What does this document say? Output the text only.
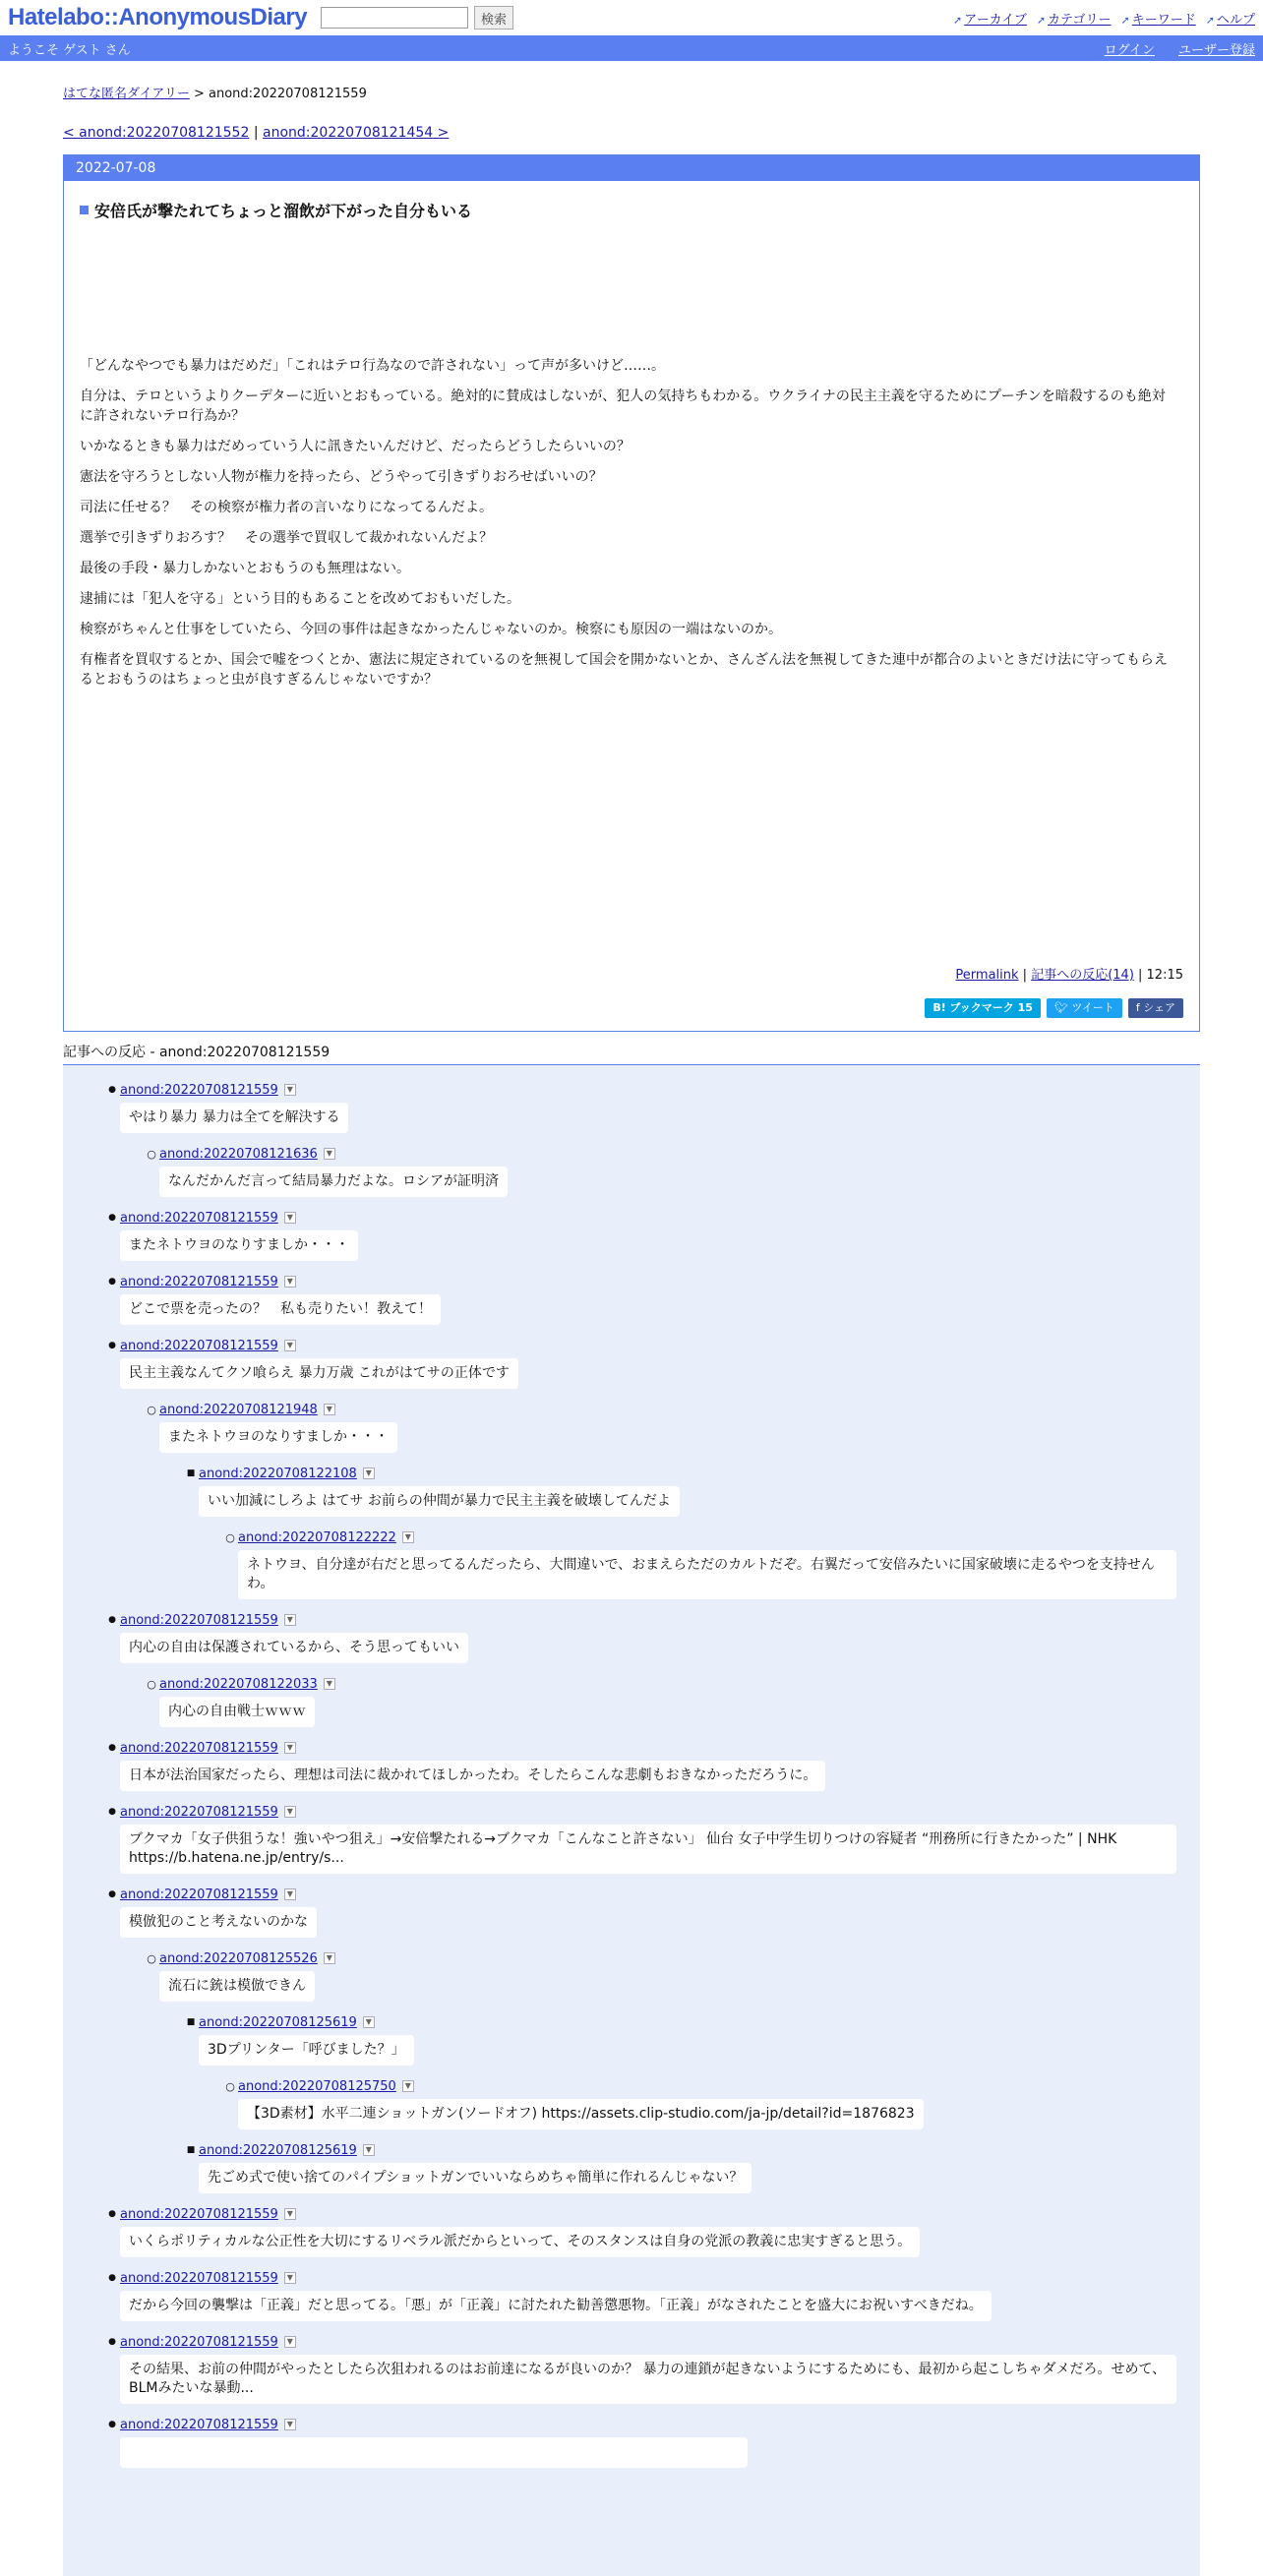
Hatelabo::AnonymousDiary	検索	➚ アーカイブ ➚ カテゴリー ➚ キーワード ➚ ヘルプ
ようこそ ゲスト さん	ログイン ユーザー登録
はてな匿名ダイアリー > anond:20220708121559
< anond:20220708121552 | anond:20220708121454 >
2022-07-08
安倍氏が撃たれてちょっと溜飲が下がった自分もいる

「どんなやつでも暴力はだめだ」「これはテロ行為なので許されない」って声が多いけど……。

自分は、テロというよりクーデターに近いとおもっている。絶対的に賛成はしないが、犯人の気持ちもわかる。ウクライナの民主主義を守るためにプーチンを暗殺するのも絶対に許されないテロ行為か？

いかなるときも暴力はだめっていう人に訊きたいんだけど、だったらどうしたらいいの？

憲法を守ろうとしない人物が権力を持ったら、どうやって引きずりおろせばいいの？

司法に任せる？　その検察が権力者の言いなりになってるんだよ。

選挙で引きずりおろす？　その選挙で買収して裁かれないんだよ？

最後の手段・暴力しかないとおもうのも無理はない。

逮捕には「犯人を守る」という目的もあることを改めておもいだした。

検察がちゃんと仕事をしていたら、今回の事件は起きなかったんじゃないのか。検察にも原因の一端はないのか。

有権者を買収するとか、国会で嘘をつくとか、憲法に規定されているのを無視して国会を開かないとか、さんざん法を無視してきた連中が都合のよいときだけ法に守ってもらえるとおもうのはちょっと虫が良すぎるんじゃないですか？

Permalink | 記事への反応(14) | 12:15
B! ブックマーク 15	🐦︎ ツイート	f シェア
記事への反応 - anond:20220708121559
● anond:20220708121559	▼
やはり暴力 暴力は全てを解決する
○ anond:20220708121636	▼
なんだかんだ言って結局暴力だよな。ロシアが証明済
● anond:20220708121559	▼
またネトウヨのなりすましか・・・
● anond:20220708121559	▼
どこで票を売ったの？　私も売りたい！教えて！
● anond:20220708121559	▼
民主主義なんてクソ喰らえ 暴力万歳 これがはてサの正体です
○ anond:20220708121948	▼
またネトウヨのなりすましか・・・
■ anond:20220708122108	▼
いい加減にしろよ はてサ お前らの仲間が暴力で民主主義を破壊してんだよ
○ anond:20220708122222	▼
ネトウヨ、自分達が右だと思ってるんだったら、大間違いで、おまえらただのカルトだぞ。右翼だって安倍みたいに国家破壊に走るやつを支持せんわ。
● anond:20220708121559	▼
内心の自由は保護されているから、そう思ってもいい
○ anond:20220708122033	▼
内心の自由戦士ｗｗｗ
● anond:20220708121559	▼
日本が法治国家だったら、理想は司法に裁かれてほしかったわ。そしたらこんな悲劇もおきなかっただろうに。
● anond:20220708121559	▼
ブクマカ「女子供狙うな！強いやつ狙え」→安倍撃たれる→ブクマカ「こんなこと許さない」 仙台 女子中学生切りつけの容疑者 “刑務所に行きたかった” | NHK https://b.hatena.ne.jp/entry/s...
● anond:20220708121559	▼
模倣犯のこと考えないのかな
○ anond:20220708125526	▼
流石に銃は模倣できん
■ anond:20220708125619	▼
3Dプリンター「呼びました？」
○ anond:20220708125750	▼
【3D素材】水平二連ショットガン(ソードオフ) https://assets.clip-studio.com/ja-jp/detail?id=1876823
■ anond:20220708125619	▼
先ごめ式で使い捨てのパイプショットガンでいいならめちゃ簡単に作れるんじゃない？
● anond:20220708121559	▼
いくらポリティカルな公正性を大切にするリベラル派だからといって、そのスタンスは自身の党派の教義に忠実すぎると思う。
● anond:20220708121559	▼
だから今回の襲撃は「正義」だと思ってる。「悪」が「正義」に討たれた勧善懲悪物。「正義」がなされたことを盛大にお祝いすべきだね。
● anond:20220708121559	▼
その結果、お前の仲間がやったとしたら次狙われるのはお前達になるが良いのか？ 暴力の連鎖が起きないようにするためにも、最初から起こしちゃダメだろ。せめて、BLMみたいな暴動...
● anond:20220708121559	▼
